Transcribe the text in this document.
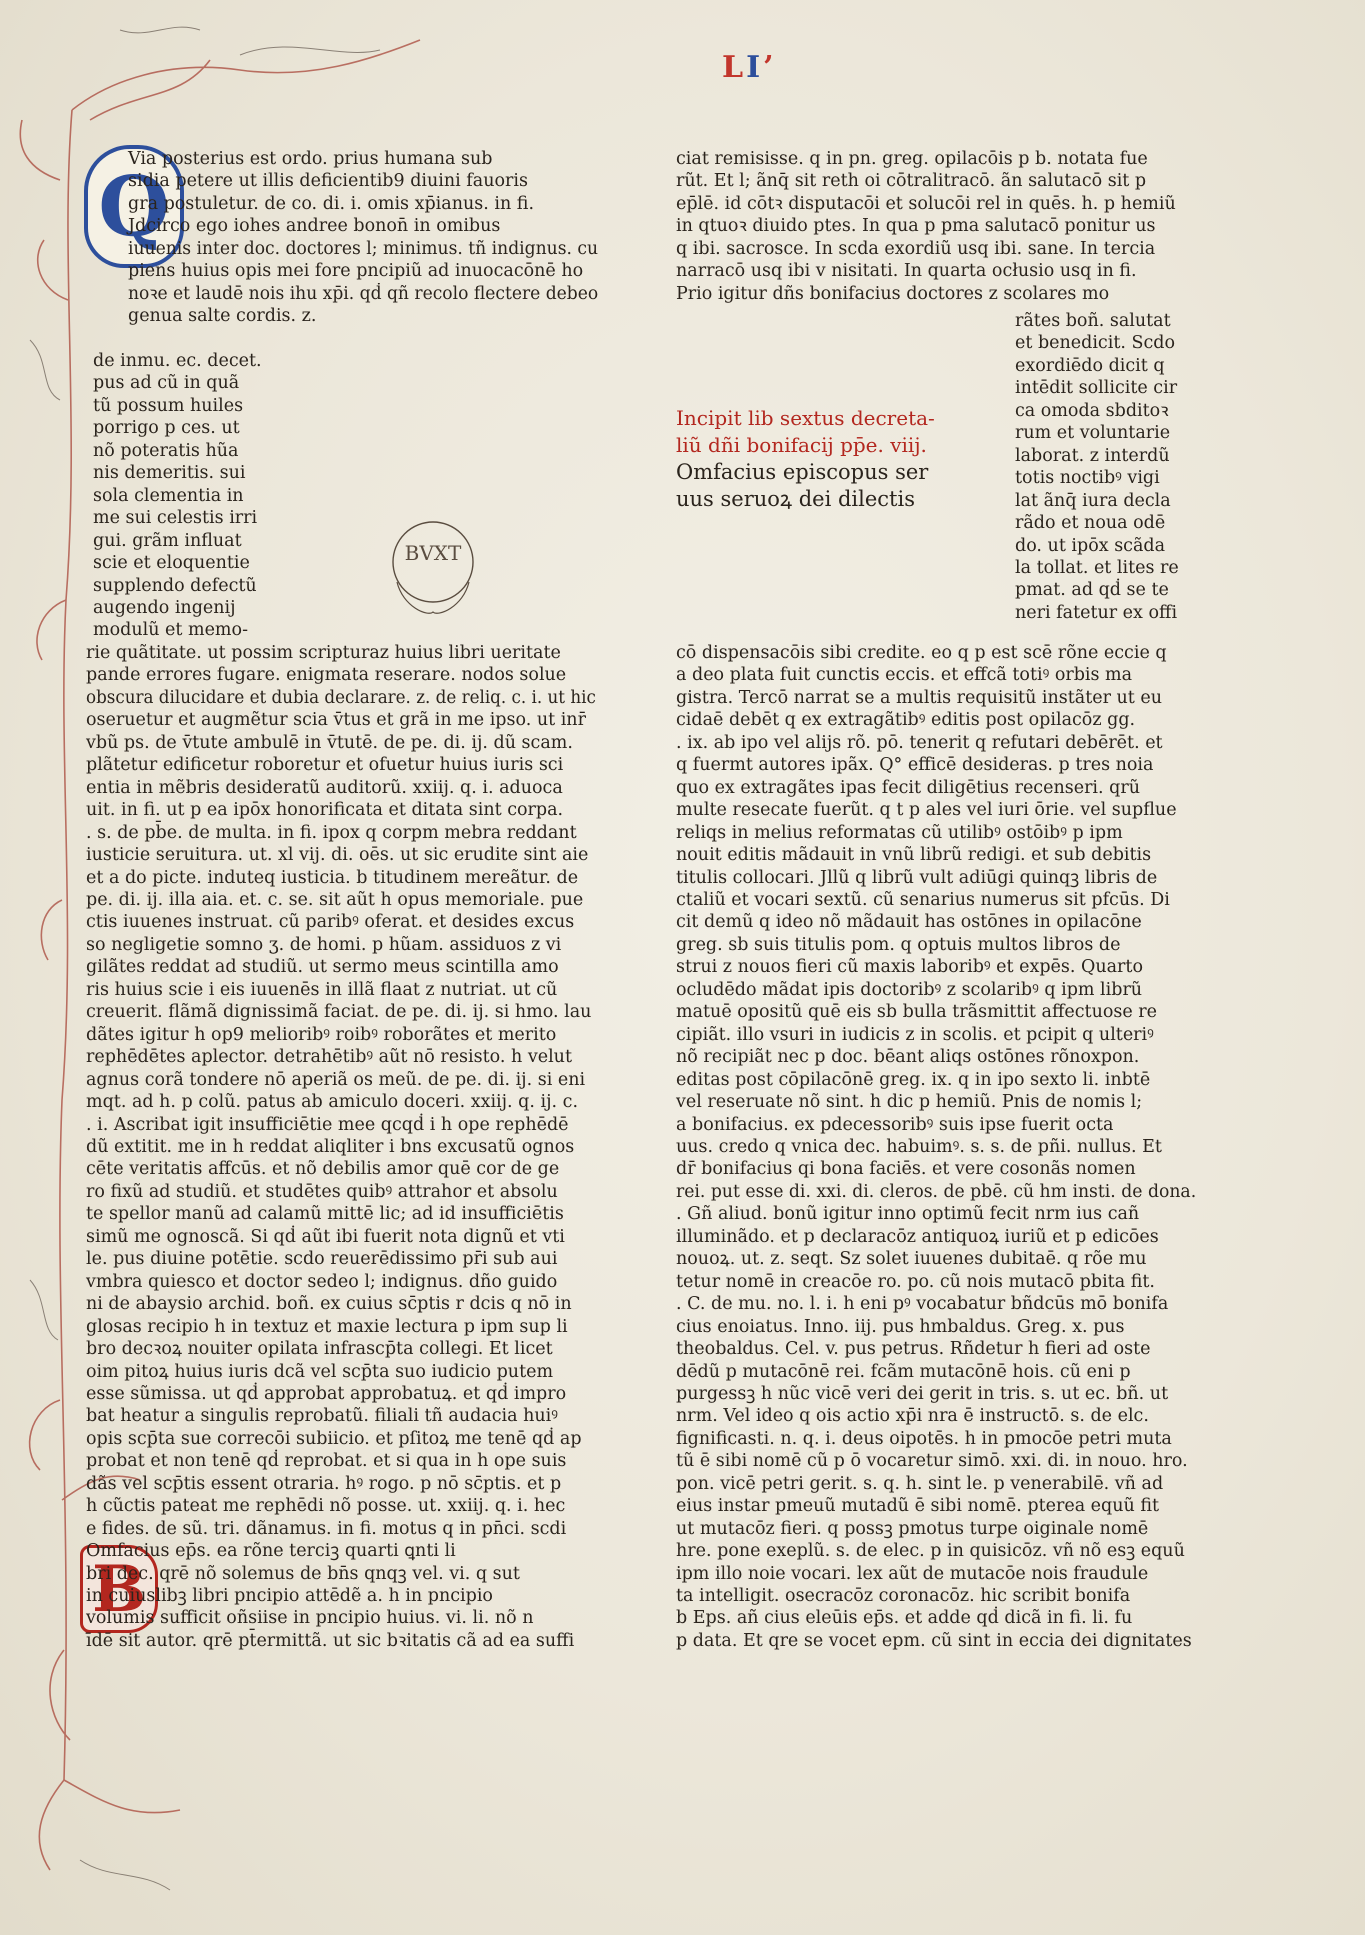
LI’
Q
B
BVXT

Via posterius est ordo. prius humana sub

sidia petere ut illis deficientib9 diuini fauoris

gra postuletur. de co. di. i. omis xp̄ianus. in fi.

Jdcirco ego iohes andree bonon̄ in omibus

iuuenis inter doc. doctores l; minimus. tñ indignus. cu

piens huius opis mei fore pncipiũ ad inuocacōnē ho

noꝛe et laudē nois ihu xp̄i. qḋ qñ recolo flectere debeo

genua salte cordis. z.

de inmu. ec. decet.

pus ad cũ in quã

tũ possum huiles

porrigo p ces. ut

nõ poteratis hũa

nis demeritis. sui

sola clementia in

me sui celestis irri

gui. grãm influat

scie et eloquentie

supplendo defectũ

augendo ingenij

modulũ et memo-

rie quãtitate. ut possim scripturaz huius libri ueritate

pande errores fugare. enigmata reserare. nodos solue

obscura dilucidare et dubia declarare. z. de reliq. c. i. ut hic

oseruetur et augmẽtur scia v̄tus et grã in me ipso. ut inr̄

vbũ ps. de v̄tute ambulē in v̄tutē. de pe. di. ij. dũ scam.

plãtetur edificetur roboretur et ofuetur huius iuris sci

entia in mẽbris desideratũ auditorũ. xxiij. q. i. aduoca

uit. in fi. ut p ea ipōx honorificata et ditata sint corpa.

. s. de pb̄e. de multa. in fi. ipox q corpm mebra reddant

iusticie seruitura. ut. xl vij. di. oēs. ut sic erudite sint aie

et a do picte. induteq iusticia. b titudinem mereãtur. de

pe. di. ij. illa aia. et. c. se. sit aũt h opus memoriale. pue

ctis iuuenes instruat. cũ paribꝰ oferat. et desides excus

so negligetie somno ʒ. de homi. p hũam. assiduos z vi

gilãtes reddat ad studiũ. ut sermo meus scintilla amo

ris huius scie i eis iuuenēs in illã flaat z nutriat. ut cũ

creuerit. flãmã dignissimã faciat. de pe. di. ij. si hmo. lau

dãtes igitur h op9 melioribꝰ roibꝰ roborãtes et merito

rephēdētes aplector. detrahētibꝰ aũt nō resisto. h velut

agnus corã tondere nō aperiã os meũ. de pe. di. ij. si eni

mqt. ad h. p colũ. patus ab amiculo doceri. xxiij. q. ij. c.

. i. Ascribat igit insufficiētie mee qcqḋ i h ope rephēdē

dũ extitit. me in h reddat aliqliter i bns excusatũ ognos

cēte veritatis affcūs. et nõ debilis amor quē cor de ge

ro fixũ ad studiũ. et studētes quibꝰ attrahor et absolu

te spellor manũ ad calamũ mittē lic; ad id insufficiētis

simũ me ognoscã. Si qḋ aũt ibi fuerit nota dignũ et vti

le. pus diuine potētie. scdo reuerēdissimo pr̄i sub aui

vmbra quiesco et doctor sedeo l; indignus. dño guido

ni de abaysio archid. boñ. ex cuius sc̄ptis r dcis q nō in

glosas recipio h in textuz et maxie lectura p ipm sup li

bro decꝛoꝝ nouiter opilata infrascp̄ta collegi. Et licet

oim pitoꝝ huius iuris dcã vel scp̄ta suo iudicio putem

esse sũmissa. ut qḋ approbat approbatuꝝ. et qḋ impro

bat heatur a singulis reprobatũ. filiali tñ audacia huiꝰ

opis scp̄ta sue correcōi subiicio. et pſitoꝝ me tenē qḋ ap

probat et non tenē qḋ reprobat. et si qua in h ope suis

dãs vel scp̄tis essent otraria. hꝰ rogo. p nō sc̄ptis. et p

h cũctis pateat me rephēdi nõ posse. ut. xxiij. q. i. hec

e fides. de sũ. tri. dãnamus. in fi. motus q in pn̄ci. scdi

Omfacius ep̄s. ea rõne terciꝫ quarti ꝗnti li

bri dec. qrē nõ solemus de bn̄s qnqꝫ vel. vi. q sut

in cuiuslibꝫ libri pncipio attēdẽ a. h in pncipio

volumis sufficit oñsiise in pncipio huius. vi. li. nõ n

īdē sit autor. qrē pt̄ermittã. ut sic bꝛitatis cã ad ea suffi

ciat remisisse. q in pn. greg. opilacōis p b. notata fue

rũt. Et l; ãnq̄ sit reth oi cōtralitracō. ãn salutacō sit p

ep̄lē. id cōtꝛ disputacōi et solucōi rel in quēs. h. p hemiũ

in qtuoꝛ diuido ptes. In qua p pma salutacō ponitur us

q ibi. sacrosce. In scda exordiũ usq ibi. sane. In tercia

narracō usq ibi v nisitati. In quarta ocłusio usq in fi.

Prio igitur dñs bonifacius doctores z scolares mo

Incipit lib sextus decreta-

liũ dñi bonifacij pp̄e. viij.

Omfacius episcopus ser

uus seruoꝝ dei dilectis

rãtes boñ. salutat

et benedicit. Scdo

exordiēdo dicit q

intēdit sollicite cir

ca omoda sbditoꝛ

rum et voluntarie

laborat. z interdũ

totis noctibꝰ vigi

lat ãnq̄ iura decla

rãdo et noua odē

do. ut ipōx scãda

la tollat. et lites re

pmat. ad qḋ se te

neri fatetur ex offi

cō dispensacōis sibi credite. eo q p est scē rõne eccie q

a deo plata fuit cunctis eccis. et effcã totiꝰ orbis ma

gistra. Tercō narrat se a multis requisitũ instãter ut eu

cidaē debēt q ex extragãtibꝰ editis post opilacōz gg.

. ix. ab ipo vel alijs rõ. pō. tenerit q refutari debērēt. et

q fuermt autores ipãx. Q° efficē desideras. p tres noia

quo ex extragãtes ipas fecit diligētius recenseri. qrũ

multe resecate fuerũt. q t p ales vel iuri ōrie. vel supflue

reliqs in melius reformatas cũ utilibꝰ ostōibꝰ p ipm

nouit editis mãdauit in vnũ librũ redigi. et sub debitis

titulis collocari. Jllũ q librũ vult adiūgi quinqꝫ libris de

ctaliũ et vocari sextũ. cũ senarius numerus sit pfcūs. Di

cit demũ q ideo nõ mãdauit has ostōnes in opilacōne

greg. sb suis titulis pom. q optuis multos libros de

strui z nouos fieri cũ maxis laboribꝰ et expēs. Quarto

ocludēdo mãdat ipis doctoribꝰ z scolaribꝰ q ipm librũ

matuē opositũ quē eis sb bulla trãsmittit affectuose re

cipiãt. illo vsuri in iudicis z in scolis. et pcipit q ulteriꝰ

nõ recipiãt nec p doc. bēant aliqs ostōnes rõnoxpon.

editas post cōpilacōnē greg. ix. q in ipo sexto li. inbtē

vel reseruate nõ sint. h dic p hemiũ. Pnis de nomis l;

a bonifacius. ex pdecessoribꝰ suis ipse fuerit octa

uus. credo q vnica dec. habuimꝰ. s. s. de pñi. nullus. Et

dr̄ bonifacius qi bona faciēs. et vere cosonãs nomen

rei. put esse di. xxi. di. cleros. de pbē. cũ hm insti. de dona.

. Gñ aliud. bonũ igitur inno optimũ fecit nrm ius cañ

illuminãdo. et p declaracōz antiquoꝝ iuriũ et p edicōes

nouoꝝ. ut. z. seqt. Sz solet iuuenes dubitaē. q rõe mu

tetur nomē in creacōe ro. po. cũ nois mutacō pbita fit.

. C. de mu. no. l. i. h eni pꝰ vocabatur bñdcūs mō bonifa

cius enoiatus. Inno. iij. pus hmbaldus. Greg. x. pus

theobaldus. Cel. v. pus petrus. Rñdetur h fieri ad oste

dēdũ p mutacōnē rei. fcãm mutacōnē hois. cũ eni p

purgessꝫ h nũc vicē veri dei gerit in tris. s. ut ec. bñ. ut

nrm. Vel ideo q ois actio xp̄i nra ē instructō. s. de elc.

fignificasti. n. q. i. deus oipotēs. h in pmocōe petri muta

tũ ē sibi nomē cũ p ō vocaretur simō. xxi. di. in nouo. hro.

pon. vicē petri gerit. s. q. h. sint le. p venerabilē. vñ ad

eius instar pmeuũ mutadũ ē sibi nomē. pterea equũ fit

ut mutacōz fieri. q possꝫ pmotus turpe oiginale nomē

hre. pone exeplũ. s. de elec. p in quisicōz. vñ nõ esꝫ equũ

ipm illo noie vocari. lex aũt de mutacōe nois fraudule

ta intelligit. osecracōz coronacōz. hic scribit bonifa

b Eps. añ cius eleūis ep̄s. et adde qḋ dicã in fi. li. fu

p data. Et qre se vocet epm. cũ sint in eccia dei dignitates
